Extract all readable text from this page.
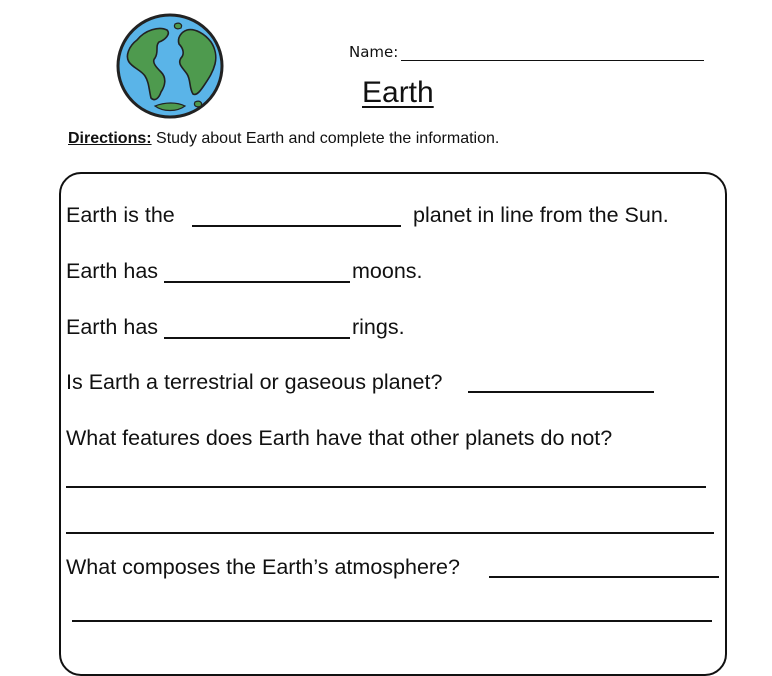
Name:
Earth
Directions: Study about Earth and complete the information.
Earth is the	planet in line from the Sun.
Earth has	moons.
Earth has	rings.
Is Earth a terrestrial or gaseous planet?
What features does Earth have that other planets do not?
What composes the Earth’s atmosphere?
